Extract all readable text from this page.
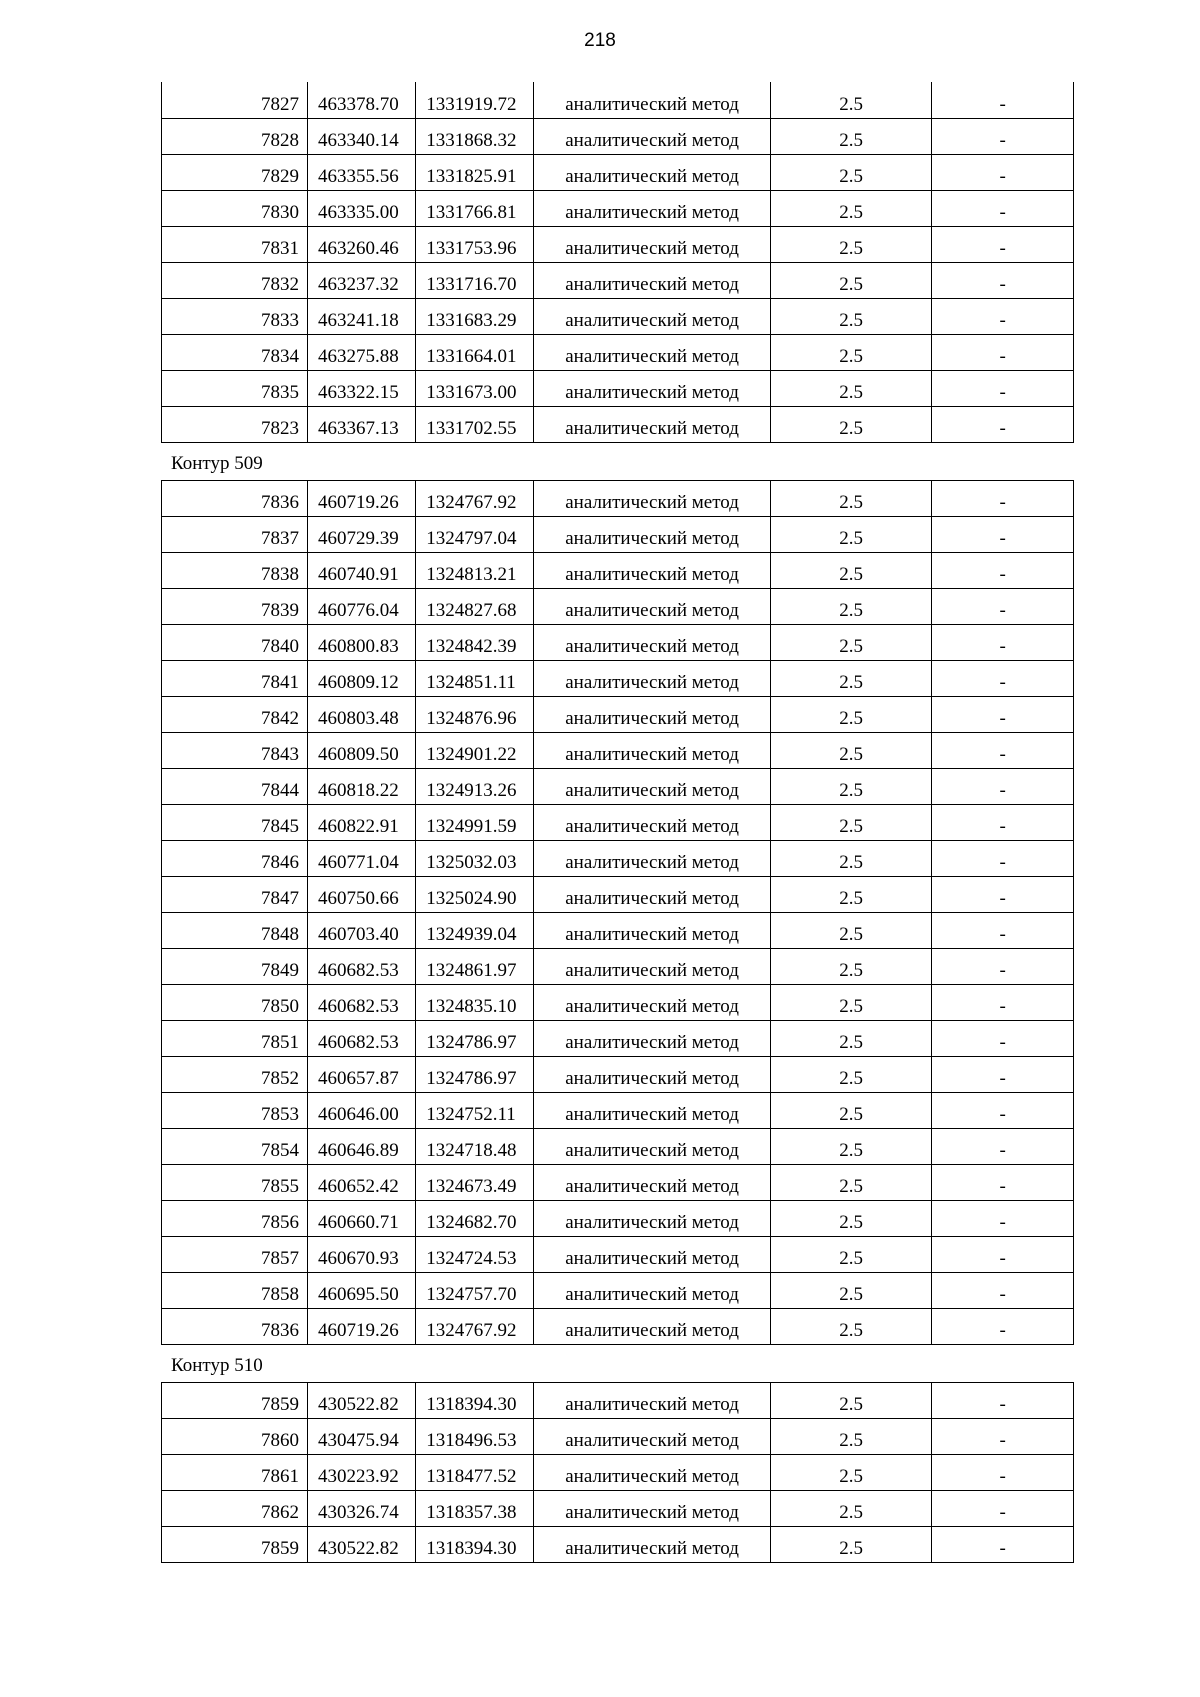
218
7827	463378.70	1331919.72	аналитический метод	2.5	-
7828	463340.14	1331868.32	аналитический метод	2.5	-
7829	463355.56	1331825.91	аналитический метод	2.5	-
7830	463335.00	1331766.81	аналитический метод	2.5	-
7831	463260.46	1331753.96	аналитический метод	2.5	-
7832	463237.32	1331716.70	аналитический метод	2.5	-
7833	463241.18	1331683.29	аналитический метод	2.5	-
7834	463275.88	1331664.01	аналитический метод	2.5	-
7835	463322.15	1331673.00	аналитический метод	2.5	-
7823	463367.13	1331702.55	аналитический метод	2.5	-
Контур 509
7836	460719.26	1324767.92	аналитический метод	2.5	-
7837	460729.39	1324797.04	аналитический метод	2.5	-
7838	460740.91	1324813.21	аналитический метод	2.5	-
7839	460776.04	1324827.68	аналитический метод	2.5	-
7840	460800.83	1324842.39	аналитический метод	2.5	-
7841	460809.12	1324851.11	аналитический метод	2.5	-
7842	460803.48	1324876.96	аналитический метод	2.5	-
7843	460809.50	1324901.22	аналитический метод	2.5	-
7844	460818.22	1324913.26	аналитический метод	2.5	-
7845	460822.91	1324991.59	аналитический метод	2.5	-
7846	460771.04	1325032.03	аналитический метод	2.5	-
7847	460750.66	1325024.90	аналитический метод	2.5	-
7848	460703.40	1324939.04	аналитический метод	2.5	-
7849	460682.53	1324861.97	аналитический метод	2.5	-
7850	460682.53	1324835.10	аналитический метод	2.5	-
7851	460682.53	1324786.97	аналитический метод	2.5	-
7852	460657.87	1324786.97	аналитический метод	2.5	-
7853	460646.00	1324752.11	аналитический метод	2.5	-
7854	460646.89	1324718.48	аналитический метод	2.5	-
7855	460652.42	1324673.49	аналитический метод	2.5	-
7856	460660.71	1324682.70	аналитический метод	2.5	-
7857	460670.93	1324724.53	аналитический метод	2.5	-
7858	460695.50	1324757.70	аналитический метод	2.5	-
7836	460719.26	1324767.92	аналитический метод	2.5	-
Контур 510
7859	430522.82	1318394.30	аналитический метод	2.5	-
7860	430475.94	1318496.53	аналитический метод	2.5	-
7861	430223.92	1318477.52	аналитический метод	2.5	-
7862	430326.74	1318357.38	аналитический метод	2.5	-
7859	430522.82	1318394.30	аналитический метод	2.5	-
